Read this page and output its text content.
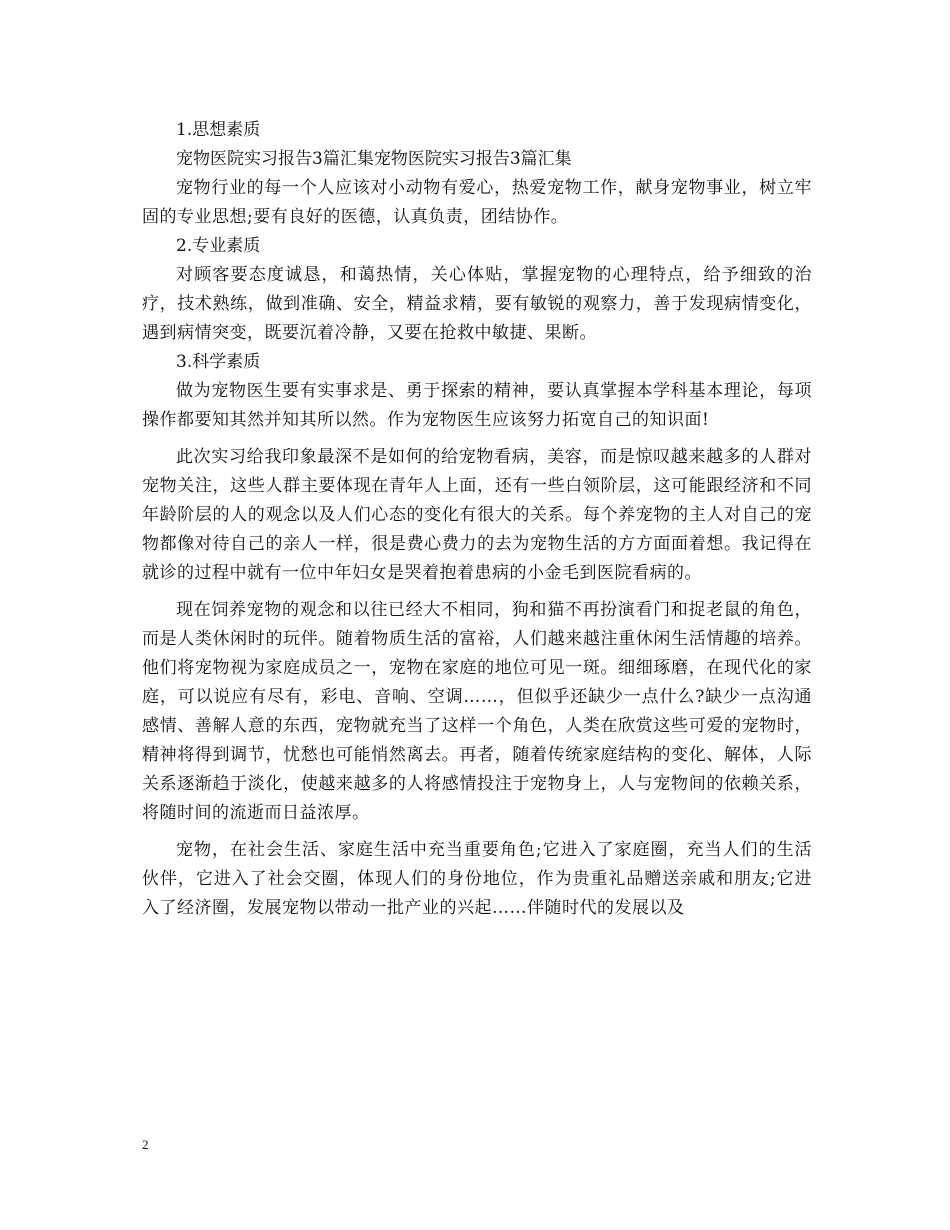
1.思想素质

宠物医院实习报告3篇汇集宠物医院实习报告3篇汇集

宠物行业的每一个人应该对小动物有爱心，热爱宠物工作，献身宠物事业，树立牢固的专业思想;要有良好的医德，认真负责，团结协作。

2.专业素质

对顾客要态度诚恳，和蔼热情，关心体贴，掌握宠物的心理特点，给予细致的治疗，技术熟练，做到准确、安全，精益求精，要有敏锐的观察力，善于发现病情变化，遇到病情突变，既要沉着冷静，又要在抢救中敏捷、果断。

3.科学素质

做为宠物医生要有实事求是、勇于探索的精神，要认真掌握本学科基本理论，每项操作都要知其然并知其所以然。作为宠物医生应该努力拓宽自己的知识面!

此次实习给我印象最深不是如何的给宠物看病，美容，而是惊叹越来越多的人群对宠物关注，这些人群主要体现在青年人上面，还有一些白领阶层，这可能跟经济和不同年龄阶层的人的观念以及人们心态的变化有很大的关系。每个养宠物的主人对自己的宠物都像对待自己的亲人一样，很是费心费力的去为宠物生活的方方面面着想。我记得在就诊的过程中就有一位中年妇女是哭着抱着患病的小金毛到医院看病的。

现在饲养宠物的观念和以往已经大不相同，狗和猫不再扮演看门和捉老鼠的角色，而是人类休闲时的玩伴。随着物质生活的富裕，人们越来越注重休闲生活情趣的培养。他们将宠物视为家庭成员之一，宠物在家庭的地位可见一斑。细细琢磨，在现代化的家庭，可以说应有尽有，彩电、音响、空调……，但似乎还缺少一点什么?缺少一点沟通感情、善解人意的东西，宠物就充当了这样一个角色，人类在欣赏这些可爱的宠物时，精神将得到调节，忧愁也可能悄然离去。再者，随着传统家庭结构的变化、解体，人际关系逐渐趋于淡化，使越来越多的人将感情投注于宠物身上，人与宠物间的依赖关系，将随时间的流逝而日益浓厚。

宠物，在社会生活、家庭生活中充当重要角色;它进入了家庭圈，充当人们的生活伙伴，它进入了社会交圈，体现人们的身份地位，作为贵重礼品赠送亲戚和朋友;它进入了经济圈，发展宠物以带动一批产业的兴起……伴随时代的发展以及

2
